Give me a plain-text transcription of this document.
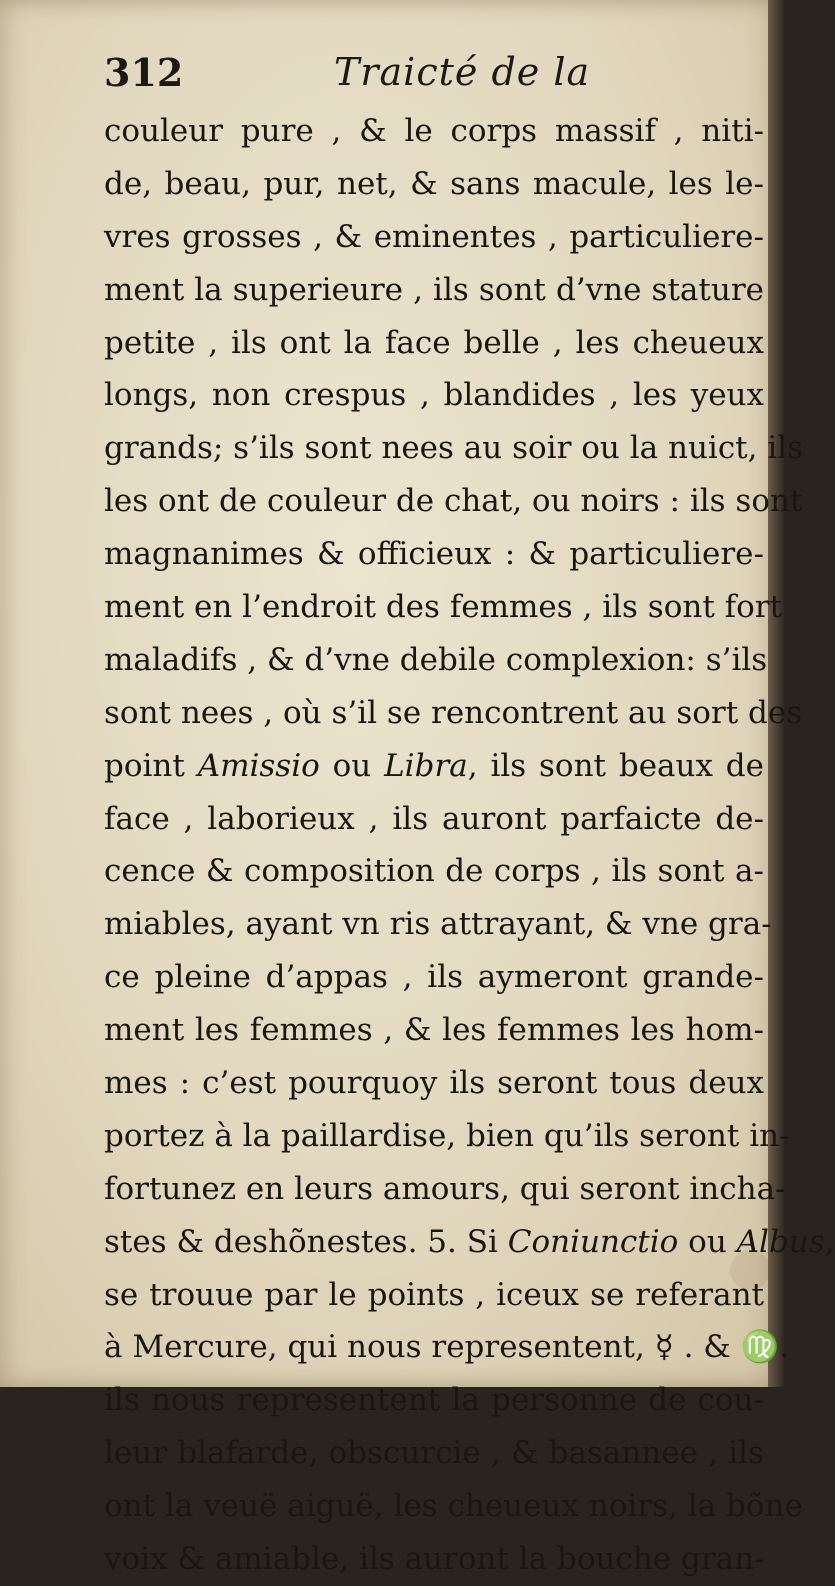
312	Traicté de la
couleur pure , & le corps massif , niti-
de, beau, pur, net, & sans macule, les le-
vres grosses , & eminentes , particuliere-
ment la superieure , ils sont d’vne stature
petite , ils ont la face belle , les cheueux
longs, non crespus , blandides , les yeux
grands; s’ils sont nees au soir ou la nuict, ils
les ont de couleur de chat, ou noirs : ils sont
magnanimes & officieux : & particuliere-
ment en l’endroit des femmes , ils sont fort
maladifs , & d’vne debile complexion: s’ils
sont nees , où s’il se rencontrent au sort des
point Amissio ou Libra, ils sont beaux de
face , laborieux , ils auront parfaicte de-
cence & composition de corps , ils sont a-
miables, ayant vn ris attrayant, & vne gra-
ce pleine d’appas , ils aymeront grande-
ment les femmes , & les femmes les hom-
mes : c’est pourquoy ils seront tous deux
portez à la paillardise, bien qu’ils seront in-
fortunez en leurs amours, qui seront incha-
stes & deshõnestes. 5. Si Coniunctio ou Albus,
se trouue par le points , iceux se referant
à Mercure, qui nous representent, ☿ . & ♍.
ils nous representent la personne de cou-
leur blafarde, obscurcie , & basannee , ils
ont la veuë aiguë, les cheueux noirs, la bõne
voix & amiable, ils auront la bouche gran-
